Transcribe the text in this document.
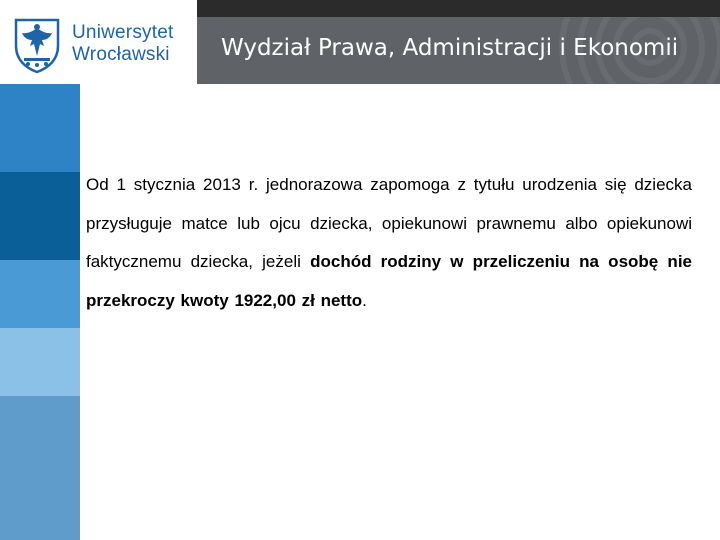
Uniwersytet
Wrocławski Wydział Prawa, Administracji i Ekonomii

Od 1 stycznia 2013 r. jednorazowa zapomoga z tytułu urodzenia się dziecka przysługuje matce lub ojcu dziecka, opiekunowi prawnemu albo opiekunowi faktycznemu dziecka, jeżeli dochód rodziny w przeliczeniu na osobę nie przekroczy kwoty 1922,00 zł netto.
